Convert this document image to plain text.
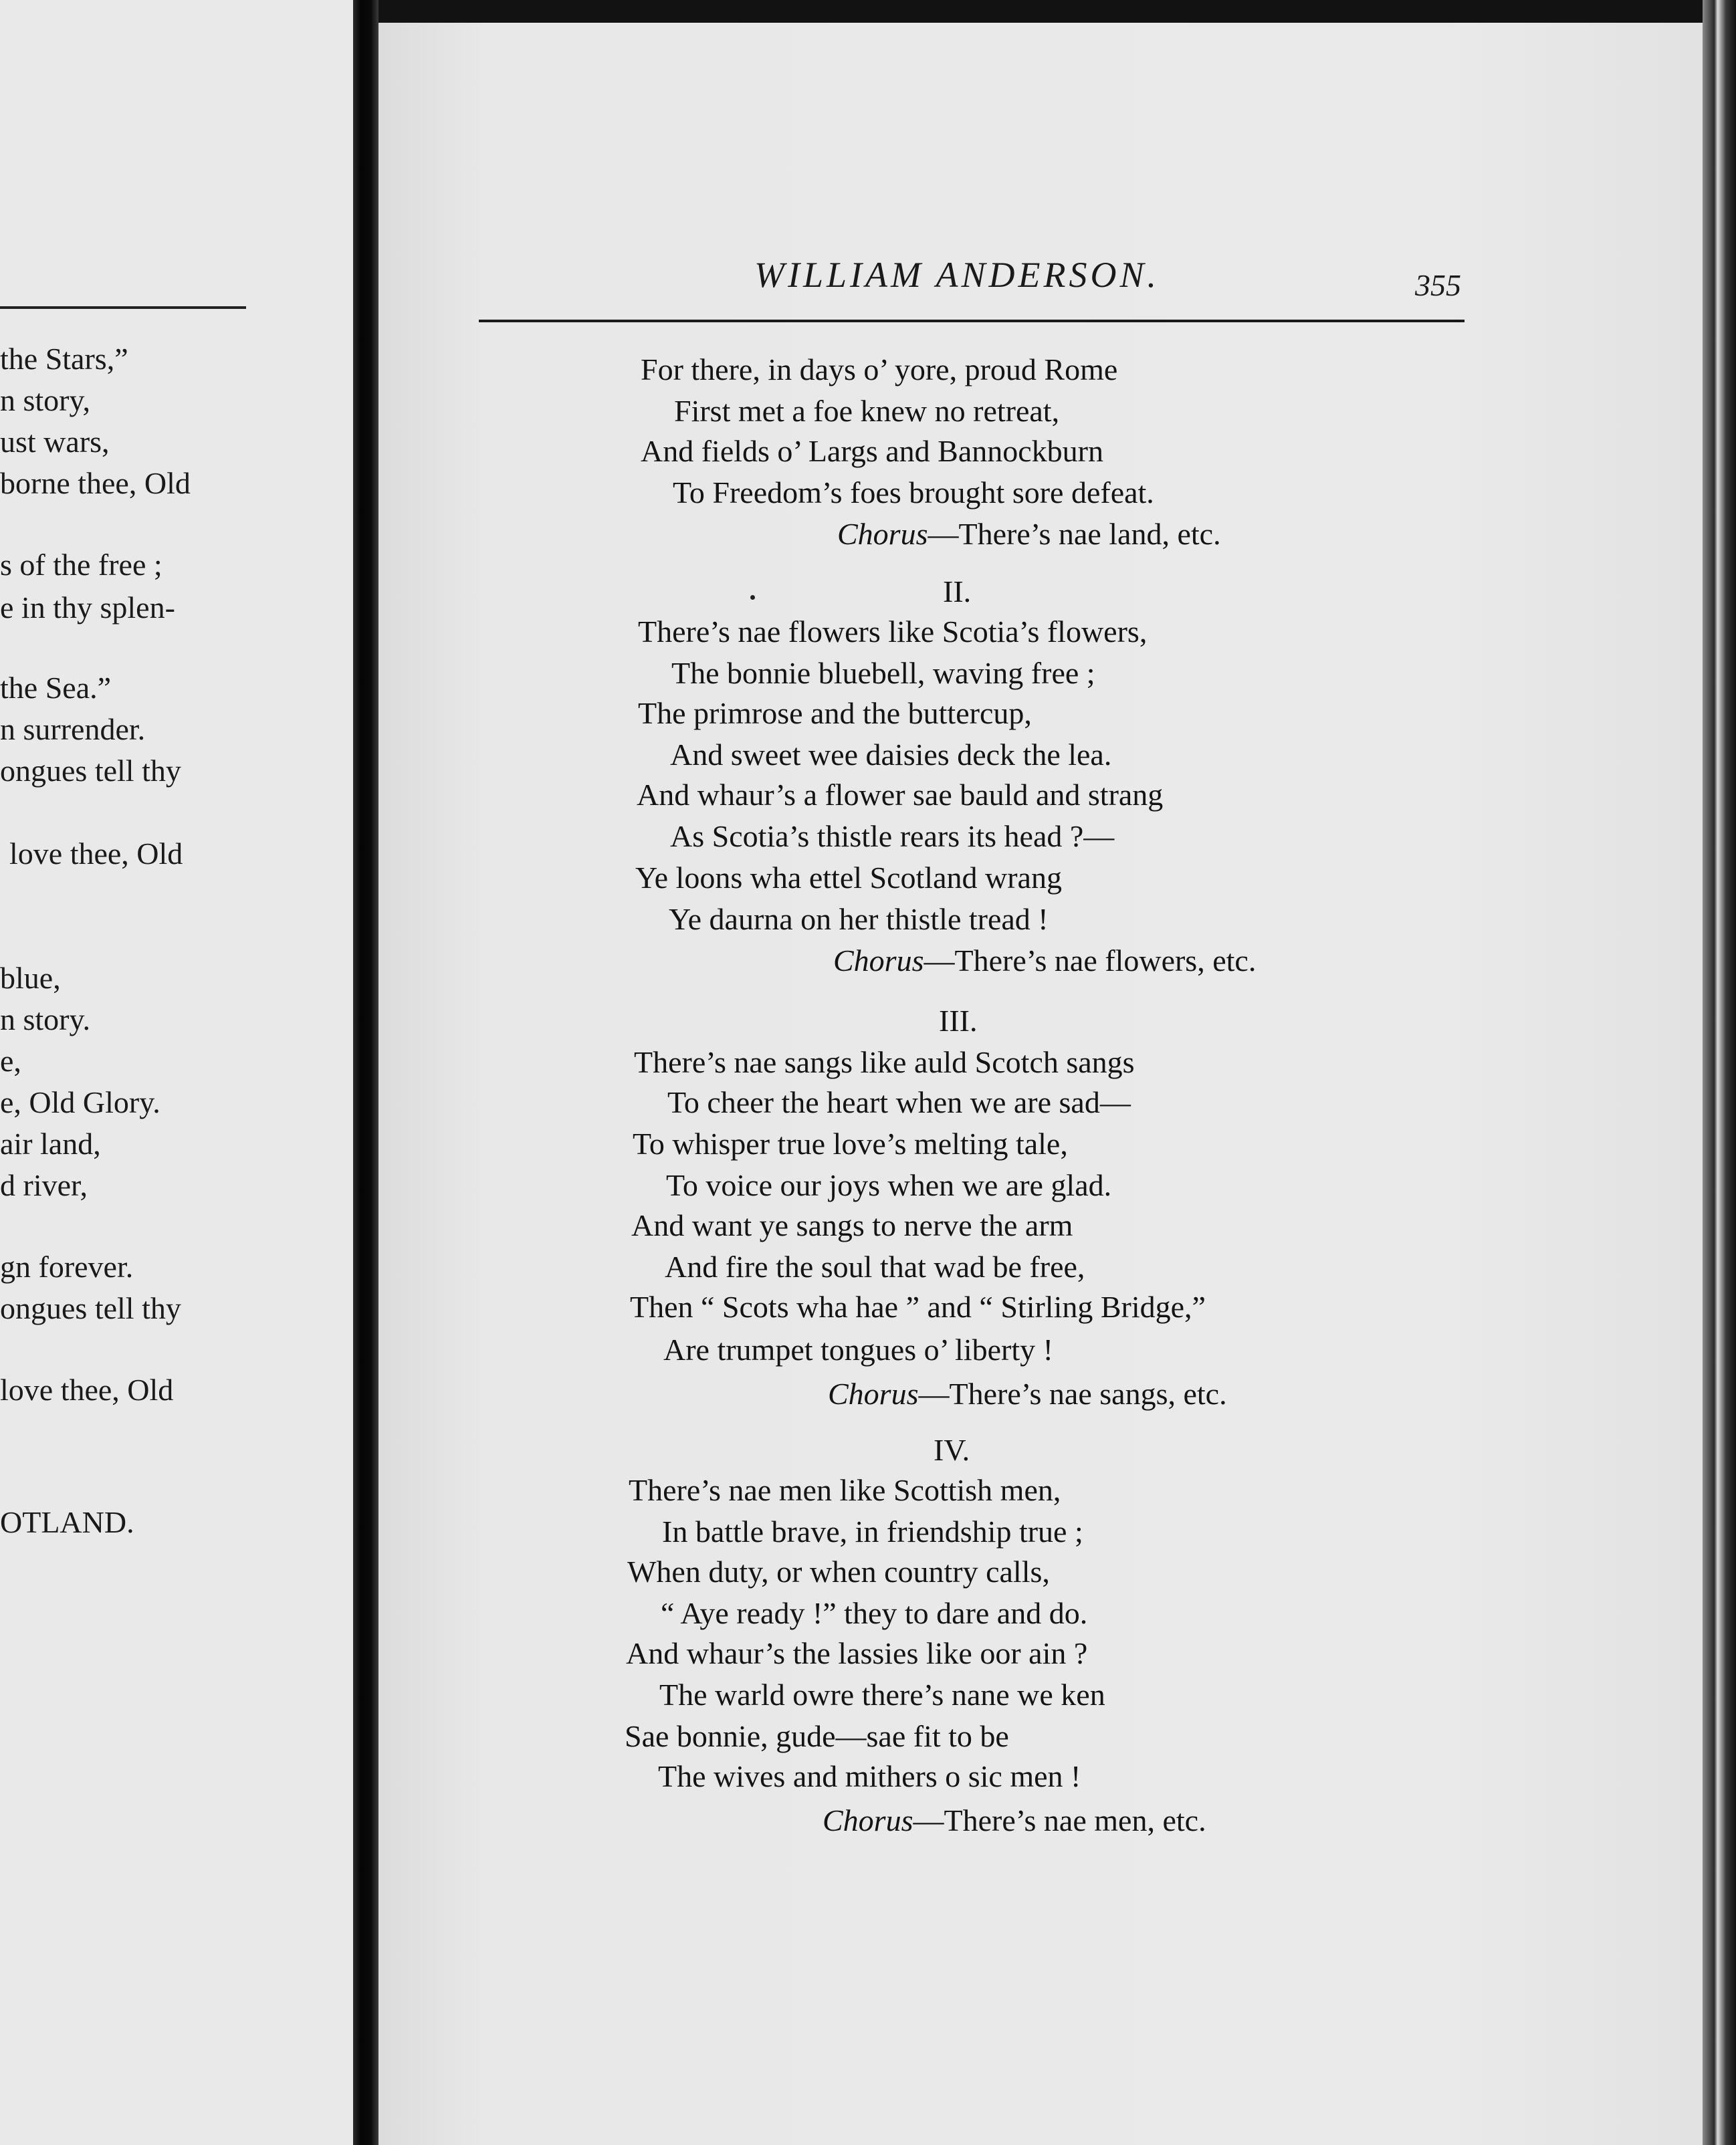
the Stars,”
n story,
ust wars,
borne thee, Old
s of the free ;
e in thy splen-
the Sea.”
n surrender.
ongues tell thy
love thee, Old
blue,
n story.
e,
e, Old Glory.
air land,
d river,
gn forever.
ongues tell thy
love thee, Old
OTLAND.
WILLIAM ANDERSON.	355
For there, in days o’ yore, proud Rome
First met a foe knew no retreat,
And fields o’ Largs and Bannockburn
To Freedom’s foes brought sore defeat.
Chorus—There’s nae land, etc.
II.
There’s nae flowers like Scotia’s flowers,
The bonnie bluebell, waving free ;
The primrose and the buttercup,
And sweet wee daisies deck the lea.
And whaur’s a flower sae bauld and strang
As Scotia’s thistle rears its head ?—
Ye loons wha ettel Scotland wrang
Ye daurna on her thistle tread !
Chorus—There’s nae flowers, etc.
III.
There’s nae sangs like auld Scotch sangs
To cheer the heart when we are sad—
To whisper true love’s melting tale,
To voice our joys when we are glad.
And want ye sangs to nerve the arm
And fire the soul that wad be free,
Then “ Scots wha hae ” and “ Stirling Bridge,”
Are trumpet tongues o’ liberty !
Chorus—There’s nae sangs, etc.
IV.
There’s nae men like Scottish men,
In battle brave, in friendship true ;
When duty, or when country calls,
“ Aye ready !” they to dare and do.
And whaur’s the lassies like oor ain ?
The warld owre there’s nane we ken
Sae bonnie, gude—sae fit to be
The wives and mithers o sic men !
Chorus—There’s nae men, etc.
